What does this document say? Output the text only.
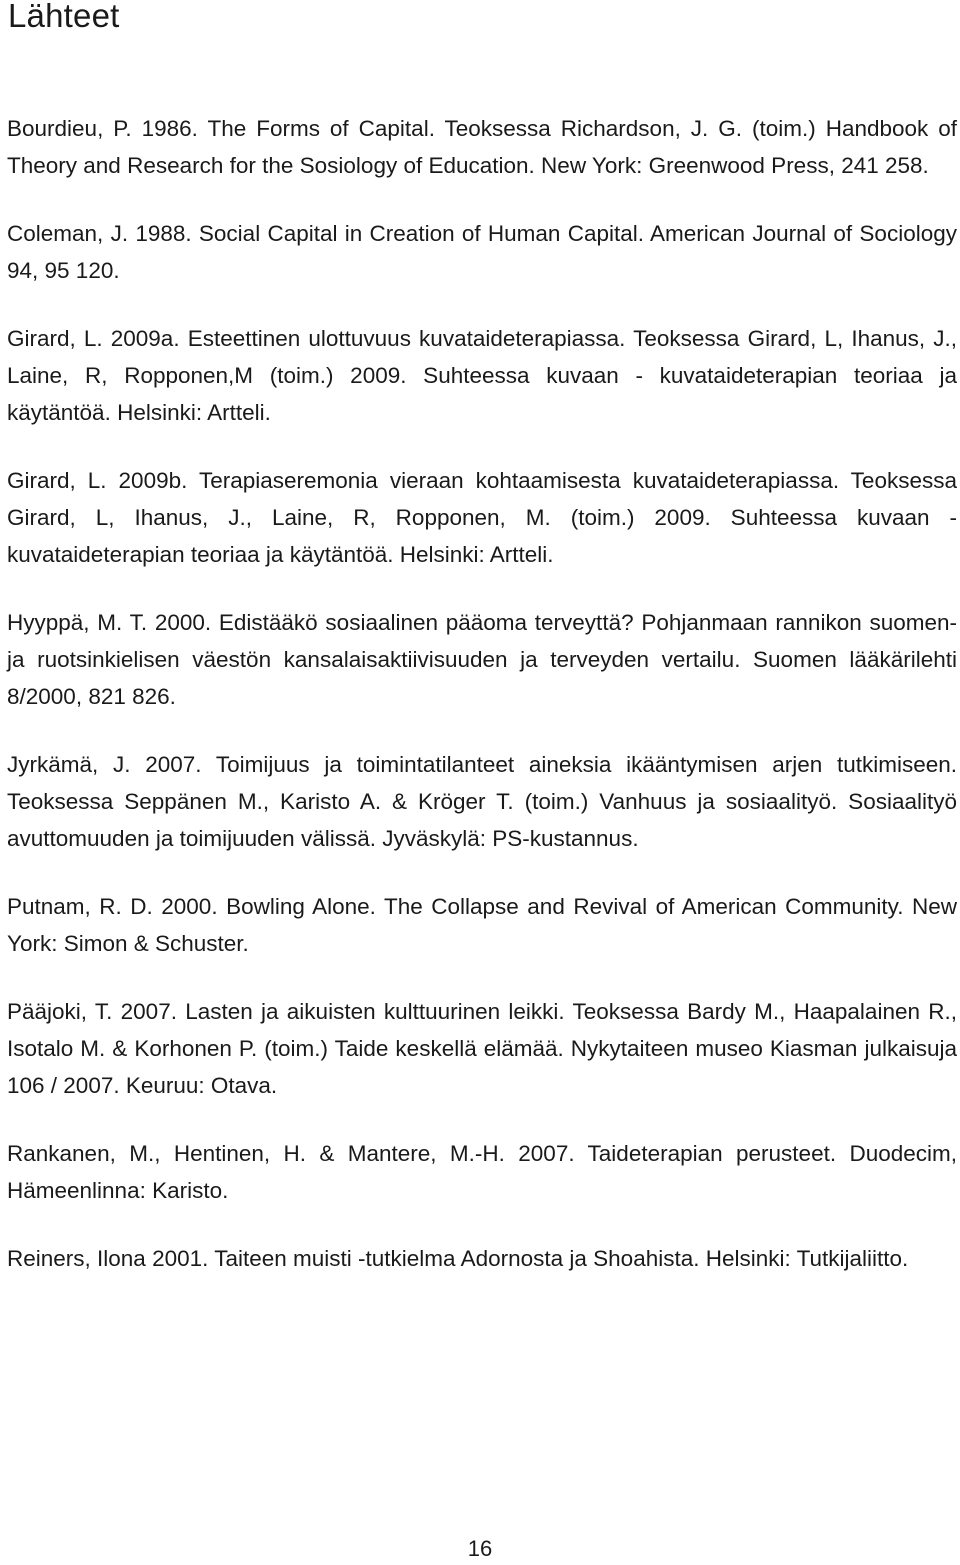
Lähteet

Bourdieu, P. 1986. The Forms of Capital. Teoksessa Richardson, J. G. (toim.) Handbook of Theory and Research for the Sosiology of Education. New York: Greenwood Press, 241 258.

Coleman, J. 1988. Social Capital in Creation of Human Capital. American Journal of Sociology 94, 95 120.

Girard, L. 2009a. Esteettinen ulottuvuus kuvataideterapiassa. Teoksessa Girard, L, Ihanus, J., Laine, R, Ropponen,M (toim.) 2009. Suhteessa kuvaan - kuvataideterapian teoriaa ja käytäntöä. Helsinki: Artteli.

Girard, L. 2009b. Terapiaseremonia vieraan kohtaamisesta kuvataideterapiassa. Teoksessa Girard, L, Ihanus, J., Laine, R, Ropponen, M. (toim.) 2009. Suhteessa kuvaan - kuvataideterapian teoriaa ja käytäntöä. Helsinki: Artteli.

Hyyppä, M. T. 2000. Edistääkö sosiaalinen pääoma terveyttä? Pohjanmaan rannikon suomen- ja ruotsinkielisen väestön kansalaisaktiivisuuden ja terveyden vertailu. Suomen lääkärilehti 8/2000, 821 826.

Jyrkämä, J. 2007. Toimijuus ja toimintatilanteet aineksia ikääntymisen arjen tutkimiseen. Teoksessa Seppänen M., Karisto A. & Kröger T. (toim.) Vanhuus ja sosiaalityö. Sosiaalityö avuttomuuden ja toimijuuden välissä. Jyväskylä: PS-kustannus.

Putnam, R. D. 2000. Bowling Alone. The Collapse and Revival of American Community. New York: Simon & Schuster.

Pääjoki, T. 2007. Lasten ja aikuisten kulttuurinen leikki. Teoksessa Bardy M., Haapalainen R., Isotalo M. & Korhonen P. (toim.) Taide keskellä elämää. Nykytaiteen museo Kiasman julkaisuja 106 / 2007. Keuruu: Otava.

Rankanen, M., Hentinen, H. & Mantere, M.-H. 2007. Taideterapian perusteet. Duodecim, Hämeenlinna: Karisto.

Reiners, Ilona 2001. Taiteen muisti -tutkielma Adornosta ja Shoahista. Helsinki: Tutkijaliitto.

16
